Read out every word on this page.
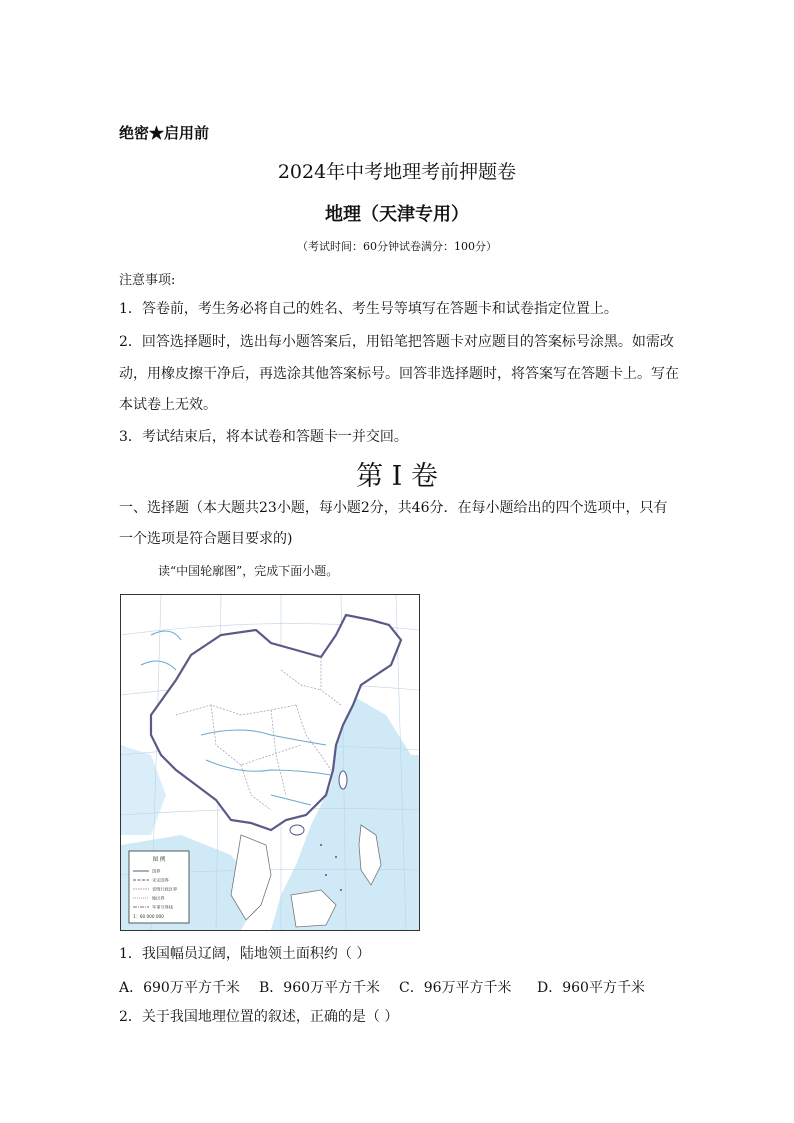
绝密★启用前
2024年中考地理考前押题卷
地理（天津专用）
（考试时间：60分钟试卷满分：100分）
注意事项:
1．答卷前，考生务必将自己的姓名、考生号等填写在答题卡和试卷指定位置上。
2．回答选择题时，选出每小题答案后，用铅笔把答题卡对应题目的答案标号涂黑。如需改
动，用橡皮擦干净后，再选涂其他答案标号。回答非选择题时，将答案写在答题卡上。写在
本试卷上无效。
3．考试结束后，将本试卷和答题卡一并交回。
第 I 卷
一、选择题（本大题共23小题，每小题2分，共46分．在每小题给出的四个选项中，只有
一个选项是符合题目要求的)
读“中国轮廓图”，完成下面小题。
图 例
国界
未定国界
省级行政区界
地区界
军事分界线
1：60 000 000
1．我国幅员辽阔，陆地领土面积约（ ）
A．690万平方千米 B．960万平方千米 C．96万平方千米 D．960平方千米
2．关于我国地理位置的叙述，正确的是（ ）
